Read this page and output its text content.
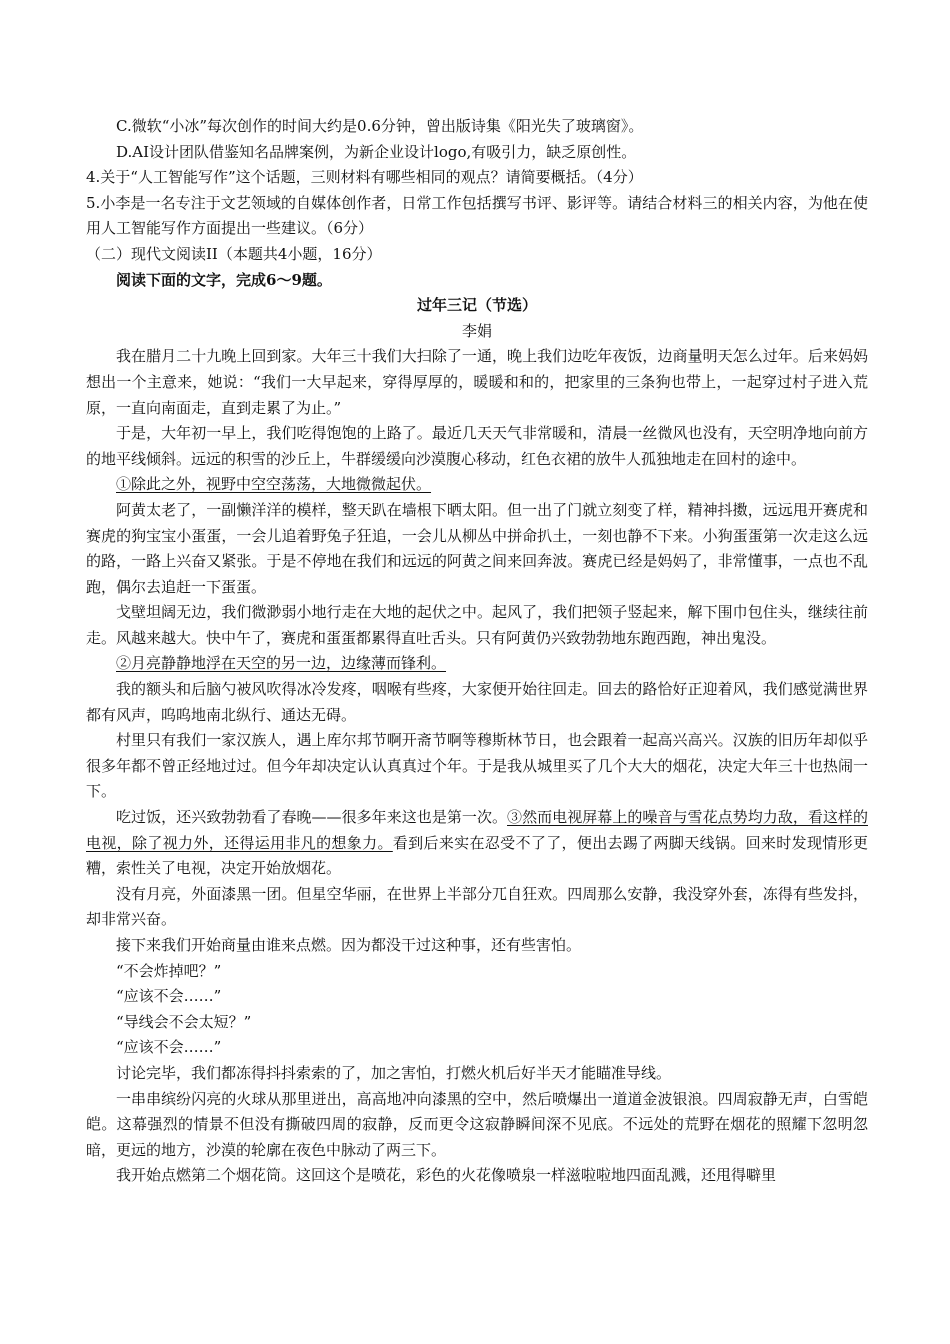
C.微软“小冰”每次创作的时间大约是0.6分钟，曾出版诗集《阳光失了玻璃窗》。

D.AI设计团队借鉴知名品牌案例，为新企业设计logo,有吸引力，缺乏原创性。

4.关于“人工智能写作”这个话题，三则材料有哪些相同的观点？请简要概括。（4分）

5.小李是一名专注于文艺领域的自媒体创作者，日常工作包括撰写书评、影评等。请结合材料三的相关内容，为他在使用人工智能写作方面提出一些建议。（6分）

（二）现代文阅读II（本题共4小题，16分）

阅读下面的文字，完成6～9题。

过年三记（节选）

李娟

我在腊月二十九晚上回到家。大年三十我们大扫除了一通，晚上我们边吃年夜饭，边商量明天怎么过年。后来妈妈想出一个主意来，她说：“我们一大早起来，穿得厚厚的，暖暖和和的，把家里的三条狗也带上，一起穿过村子进入荒原，一直向南面走，直到走累了为止。”

于是，大年初一早上，我们吃得饱饱的上路了。最近几天天气非常暖和，清晨一丝微风也没有，天空明净地向前方的地平线倾斜。远远的积雪的沙丘上，牛群缓缓向沙漠腹心移动，红色衣裙的放牛人孤独地走在回村的途中。

①除此之外，视野中空空荡荡，大地微微起伏。

阿黄太老了，一副懒洋洋的模样，整天趴在墙根下晒太阳。但一出了门就立刻变了样，精神抖擞，远远甩开赛虎和赛虎的狗宝宝小蛋蛋，一会儿追着野兔子狂追，一会儿从柳丛中拼命扒土，一刻也静不下来。小狗蛋蛋第一次走这么远的路，一路上兴奋又紧张。于是不停地在我们和远远的阿黄之间来回奔波。赛虎已经是妈妈了，非常懂事，一点也不乱跑，偶尔去追赶一下蛋蛋。

戈壁坦阔无边，我们微渺弱小地行走在大地的起伏之中。起风了，我们把领子竖起来，解下围巾包住头，继续往前走。风越来越大。快中午了，赛虎和蛋蛋都累得直吐舌头。只有阿黄仍兴致勃勃地东跑西跑，神出鬼没。

②月亮静静地浮在天空的另一边，边缘薄而锋利。

我的额头和后脑勺被风吹得冰冷发疼，咽喉有些疼，大家便开始往回走。回去的路恰好正迎着风，我们感觉满世界都有风声，呜呜地南北纵行、通达无碍。

村里只有我们一家汉族人，遇上库尔邦节啊开斋节啊等穆斯林节日，也会跟着一起高兴高兴。汉族的旧历年却似乎很多年都不曾正经地过过。但今年却决定认认真真过个年。于是我从城里买了几个大大的烟花，决定大年三十也热闹一下。

吃过饭，还兴致勃勃看了春晚——很多年来这也是第一次。③然而电视屏幕上的噪音与雪花点势均力敌，看这样的电视，除了视力外，还得运用非凡的想象力。看到后来实在忍受不了了，便出去踢了两脚天线锅。回来时发现情形更糟，索性关了电视，决定开始放烟花。

没有月亮，外面漆黑一团。但星空华丽，在世界上半部分兀自狂欢。四周那么安静，我没穿外套，冻得有些发抖，却非常兴奋。

接下来我们开始商量由谁来点燃。因为都没干过这种事，还有些害怕。

“不会炸掉吧？”

“应该不会……”

“导线会不会太短？”

“应该不会……”

讨论完毕，我们都冻得抖抖索索的了，加之害怕，打燃火机后好半天才能瞄准导线。

一串串缤纷闪亮的火球从那里迸出，高高地冲向漆黑的空中，然后喷爆出一道道金波银浪。四周寂静无声，白雪皑皑。这幕强烈的情景不但没有撕破四周的寂静，反而更令这寂静瞬间深不见底。不远处的荒野在烟花的照耀下忽明忽暗，更远的地方，沙漠的轮廓在夜色中脉动了两三下。

我开始点燃第二个烟花筒。这回这个是喷花，彩色的火花像喷泉一样滋啦啦地四面乱溅，还甩得噼里
